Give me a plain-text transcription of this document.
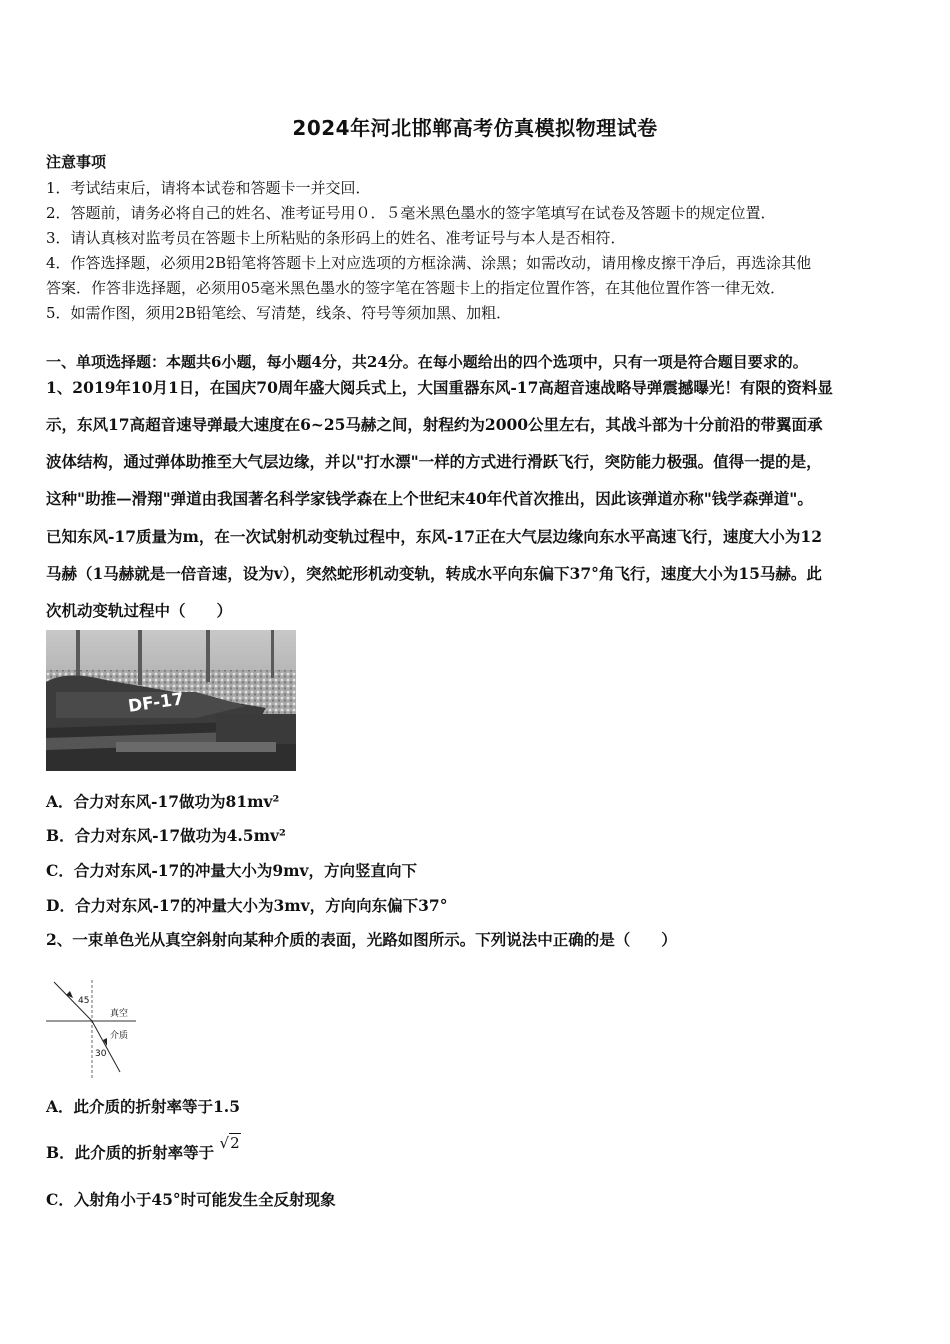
2024年河北邯郸高考仿真模拟物理试卷
注意事项
1．考试结束后，请将本试卷和答题卡一并交回．
2．答题前，请务必将自己的姓名、准考证号用０．５毫米黑色墨水的签字笔填写在试卷及答题卡的规定位置．
3．请认真核对监考员在答题卡上所粘贴的条形码上的姓名、准考证号与本人是否相符．
4．作答选择题，必须用2B铅笔将答题卡上对应选项的方框涂满、涂黑；如需改动，请用橡皮擦干净后，再选涂其他
答案．作答非选择题，必须用05毫米黑色墨水的签字笔在答题卡上的指定位置作答，在其他位置作答一律无效．
5．如需作图，须用2B铅笔绘、写清楚，线条、符号等须加黑、加粗．
一、单项选择题：本题共6小题，每小题4分，共24分。在每小题给出的四个选项中，只有一项是符合题目要求的。
1、2019年10月1日，在国庆70周年盛大阅兵式上，大国重器东风-17高超音速战略导弹震撼曝光！有限的资料显
示，东风17高超音速导弹最大速度在6~25马赫之间，射程约为2000公里左右，其战斗部为十分前沿的带翼面承
波体结构，通过弹体助推至大气层边缘，并以"打水漂"一样的方式进行滑跃飞行，突防能力极强。值得一提的是，
这种"助推—滑翔"弹道由我国著名科学家钱学森在上个世纪末40年代首次推出，因此该弹道亦称"钱学森弹道"。
已知东风-17质量为m，在一次试射机动变轨过程中，东风-17正在大气层边缘向东水平高速飞行，速度大小为12
马赫（1马赫就是一倍音速，设为v），突然蛇形机动变轨，转成水平向东偏下37°角飞行，速度大小为15马赫。此
次机动变轨过程中（　　）
DF-17
A．合力对东风-17做功为81mv²
B．合力对东风-17做功为4.5mv²
C．合力对东风-17的冲量大小为9mv，方向竖直向下
D．合力对东风-17的冲量大小为3mv，方向向东偏下37°
2、一束单色光从真空斜射向某种介质的表面，光路如图所示。下列说法中正确的是（　　）
45
真空
介质
30
A．此介质的折射率等于1.5
B．此介质的折射率等于 √2
C．入射角小于45°时可能发生全反射现象
